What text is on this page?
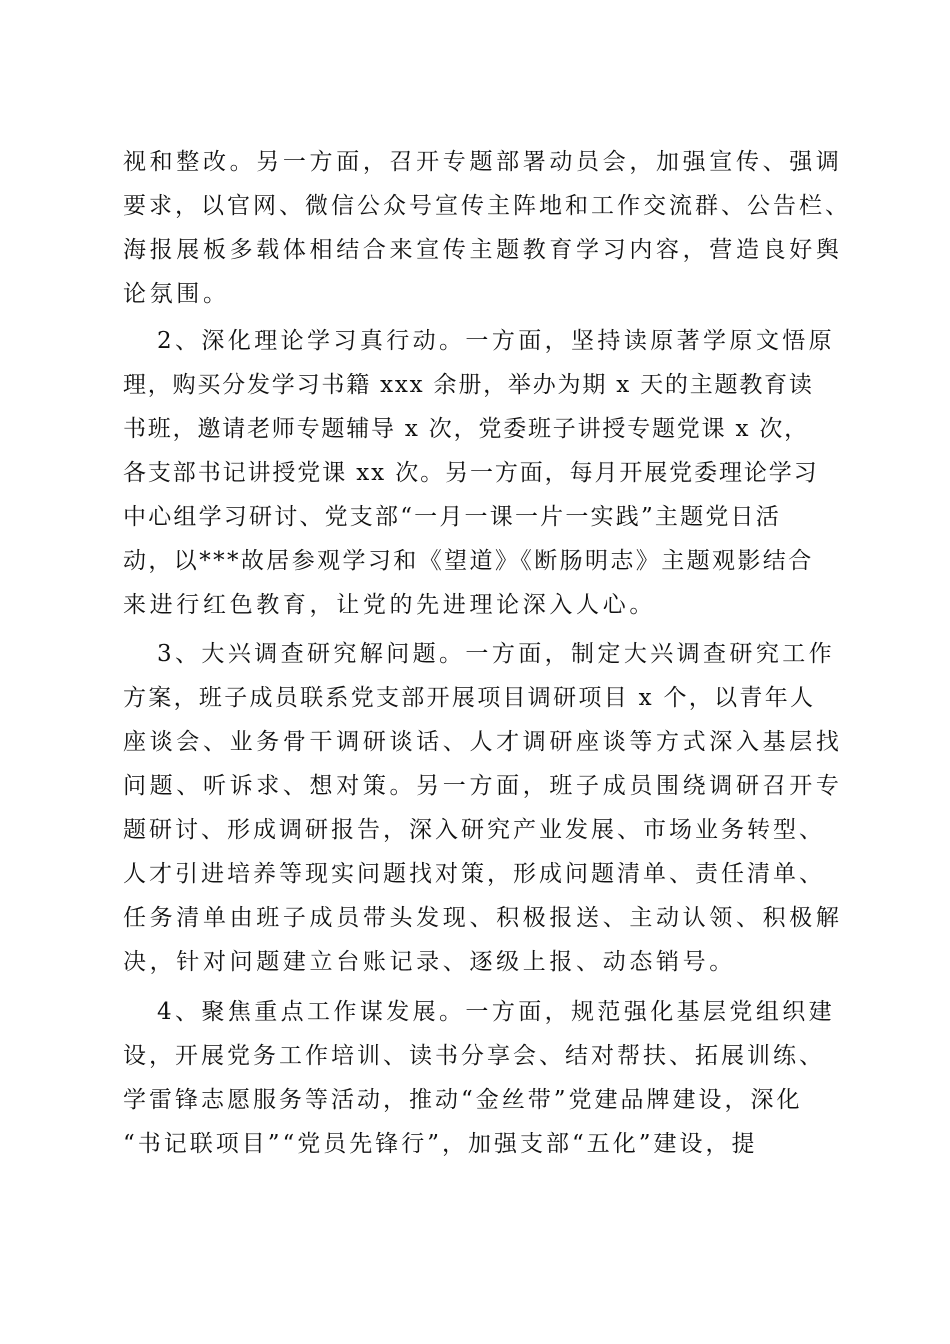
视和整改。另一方面，召开专题部署动员会，加强宣传、强调
要求，以官网、微信公众号宣传主阵地和工作交流群、公告栏、
海报展板多载体相结合来宣传主题教育学习内容，营造良好舆
论氛围。
2、深化理论学习真行动。一方面，坚持读原著学原文悟原
理，购买分发学习书籍 xxx 余册，举办为期 x 天的主题教育读
书班，邀请老师专题辅导 x 次，党委班子讲授专题党课 x 次，
各支部书记讲授党课 xx 次。另一方面，每月开展党委理论学习
中心组学习研讨、党支部“一月一课一片一实践”主题党日活
动，以***故居参观学习和《望道》《断肠明志》主题观影结合
来进行红色教育，让党的先进理论深入人心。
3、大兴调查研究解问题。一方面，制定大兴调查研究工作
方案，班子成员联系党支部开展项目调研项目 x 个，以青年人
座谈会、业务骨干调研谈话、人才调研座谈等方式深入基层找
问题、听诉求、想对策。另一方面，班子成员围绕调研召开专
题研讨、形成调研报告，深入研究产业发展、市场业务转型、
人才引进培养等现实问题找对策，形成问题清单、责任清单、
任务清单由班子成员带头发现、积极报送、主动认领、积极解
决，针对问题建立台账记录、逐级上报、动态销号。
4、聚焦重点工作谋发展。一方面，规范强化基层党组织建
设，开展党务工作培训、读书分享会、结对帮扶、拓展训练、
学雷锋志愿服务等活动，推动“金丝带”党建品牌建设，深化
“书记联项目”“党员先锋行”，加强支部“五化”建设，提
